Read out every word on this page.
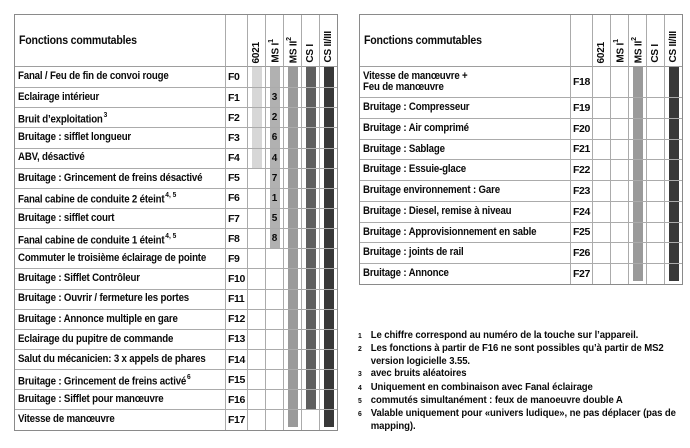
Fonctions commutables
6021 MS $I^1$	MS $II^2$
CS I CS II/III
Fanal / Feu de fin de convoi rouge	F0
Eclairage intérieur	F1	3
Bruit d’exploitation$^3$	F2	2
Bruitage : sifflet longueur	F3	6
ABV, désactivé	F4	4
Bruitage : Grincement de freins désactivé F5	7
Fanal cabine de conduite 2 éteint$^{4, 5}$	F6	1
Bruitage : sifflet court	F7	5
Fanal cabine de conduite 1 éteint$^{4, 5}$	F8	8
Commuter le troisième éclairage de pointe F9
Bruitage : Sifflet Contrôleur	F10
Bruitage : Ouvrir / fermeture les portes	F11
Bruitage : Annonce multiple en gare	F12
Eclairage du pupitre de commande	F13
Salut du mécanicien: 3 x appels de phares F14
Bruitage : Grincement de freins activé$^6$	F15
Bruitage : Sifflet pour manœuvre	F16
Vitesse de manœuvre	F17
Fonctions commutables
6021 MS $I^1$	MS $II^2$
CS I CS II/III
Vitesse de manœuvre +
Feu de manœuvre	F18
Bruitage : Compresseur	F19
Bruitage : Air comprimé	F20
Bruitage : Sablage	F21
Bruitage : Essuie-glace	F22
Bruitage environnement : Gare	F23
Bruitage : Diesel, remise à niveau	F24
Bruitage : Approvisionnement en sable	F25
Bruitage : joints de rail	F26
Bruitage : Annonce	F27
1 Le chiffre correspond au numéro de la touche sur l’appareil.
2 Les fonctions à partir de F16 ne sont possibles qu’à partir de MS2 version logicielle 3.55.
3 avec bruits aléatoires
4 Uniquement en combinaison avec Fanal éclairage
5 commutés simultanément : feux de manoeuvre double A
6 Valable uniquement pour «univers ludique», ne pas déplacer (pas de mapping).
